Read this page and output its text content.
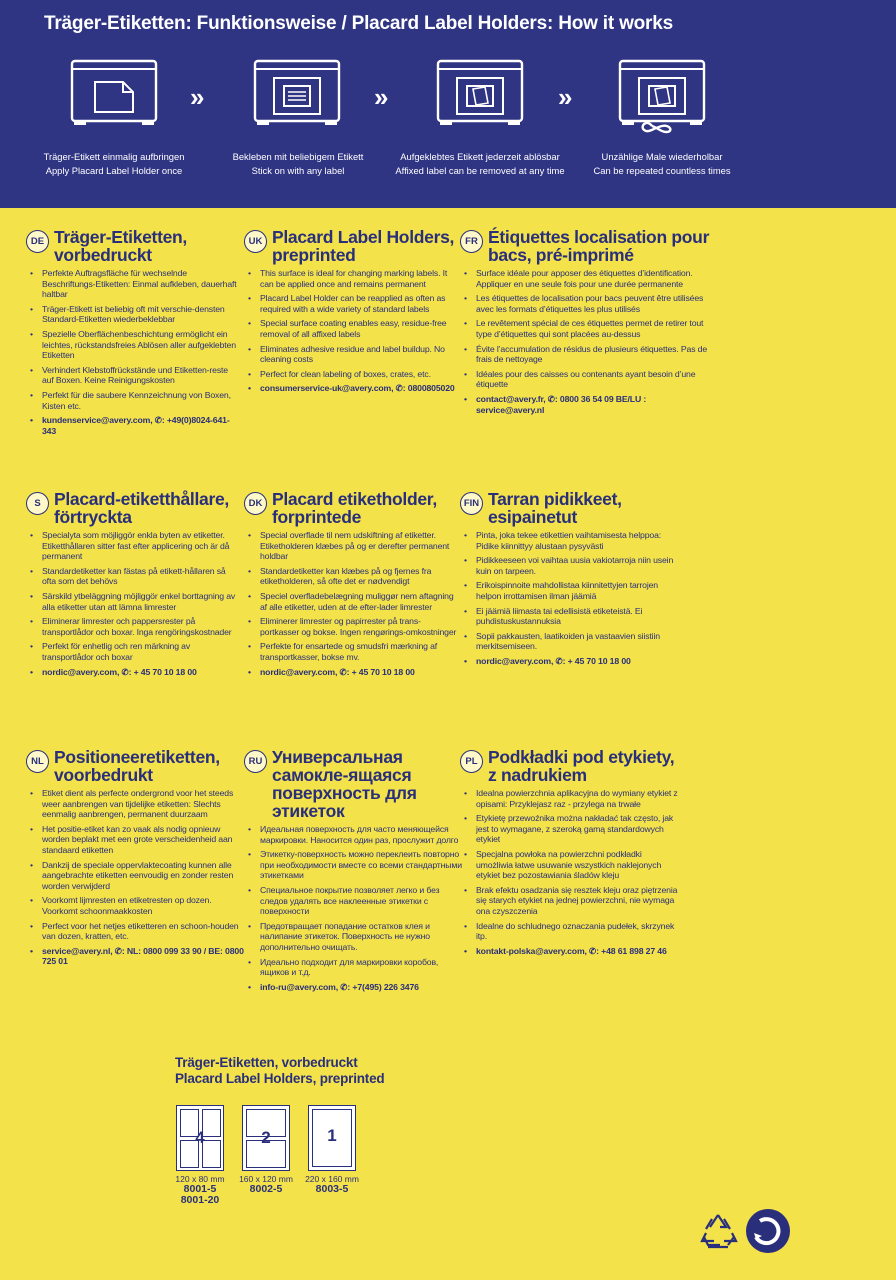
Träger-Etiketten: Funktionsweise / Placard Label Holders: How it works
»	»	»
Träger-Etikett einmalig aufbringen
Apply Placard Label Holder once
Bekleben mit beliebigem Etikett
Stick on with any label
Aufgeklebtes Etikett jederzeit ablösbar
Affixed label can be removed at any time
Unzählige Male wiederholbar
Can be repeated countless times
DE Träger-Etiketten, vorbedruckt
• Perfekte Auftragsfläche für wechselnde Beschriftungs-Etiketten: Einmal aufkleben, dauerhaft haltbar
• Träger-Etikett ist beliebig oft mit verschie-densten Standard-Etiketten wiederbeklebbar
• Spezielle Oberflächenbeschichtung ermöglicht ein leichtes, rückstandsfreies Ablösen aller aufgeklebten Etiketten
• Verhindert Klebstoffrückstände und Etiketten-reste auf Boxen. Keine Reinigungskosten
• Perfekt für die saubere Kennzeichnung von Boxen, Kisten etc.
• kundenservice@avery.com, ✆: +49(0)8024-641-343
UK Placard Label Holders, preprinted
• This surface is ideal for changing marking labels. It can be applied once and remains permanent
• Placard Label Holder can be reapplied as often as required with a wide variety of standard labels
• Special surface coating enables easy, residue-free removal of all affixed labels
• Eliminates adhesive residue and label buildup. No cleaning costs
• Perfect for clean labeling of boxes, crates, etc.
• consumerservice-uk@avery.com, ✆: 0800805020
FR Étiquettes localisation pour bacs, pré-imprimé
• Surface idéale pour apposer des étiquettes d’identification. Appliquer en une seule fois pour une durée permanente
• Les étiquettes de localisation pour bacs peuvent être utilisées avec les formats d’étiquettes les plus utilisés
• Le revêtement spécial de ces étiquettes permet de retirer tout type d’étiquettes qui sont placées au-dessus
• Évite l’accumulation de résidus de plusieurs étiquettes. Pas de frais de nettoyage
• Idéales pour des caisses ou contenants ayant besoin d’une étiquette
• contact@avery.fr, ✆: 0800 36 54 09 BE/LU : service@avery.nl
S Placard-etiketthållare, förtryckta
• Specialyta som möjliggör enkla byten av etiketter. Etiketthållaren sitter fast efter applicering och är då permanent
• Standardetiketter kan fästas på etikett-hållaren så ofta som det behövs
• Särskild ytbeläggning möjliggör enkel borttagning av alla etiketter utan att lämna limrester
• Eliminerar limrester och pappersrester på transportlådor och boxar. Inga rengöringskostnader
• Perfekt för enhetlig och ren märkning av transportlådor och boxar
• nordic@avery.com, ✆: + 45 70 10 18 00
DK Placard etiketholder, forprintede
• Special overflade til nem udskiftning af etiketter. Etiketholderen klæbes på og er derefter permanent holdbar
• Standardetiketter kan klæbes på og fjernes fra etiketholderen, så ofte det er nødvendigt
• Speciel overfladebelægning muliggør nem aftagning af alle etiketter, uden at de efter-lader limrester
• Eliminerer limrester og papirrester på trans-portkasser og bokse. Ingen rengørings-omkostninger
• Perfekte for ensartede og smudsfri mærkning af transportkasser, bokse mv.
• nordic@avery.com, ✆: + 45 70 10 18 00
FIN Tarran pidikkeet, esipainetut
• Pinta, joka tekee etikettien vaihtamisesta helppoa: Pidike kiinnittyy alustaan pysyvästi
• Pidikkeeseen voi vaihtaa uusia vakiotarroja niin usein kuin on tarpeen.
• Erikoispinnoite mahdollistaa kiinnitettyjen tarrojen helpon irrottamisen ilman jäämiä
• Ei jäämiä liimasta tai edellisistä etiketeistä. Ei puhdistuskustannuksia
• Sopii pakkausten, laatikoiden ja vastaavien siistiin merkitsemiseen.
• nordic@avery.com, ✆: + 45 70 10 18 00
NL Positioneeretiketten, voorbedrukt
• Etiket dient als perfecte ondergrond voor het steeds weer aanbrengen van tijdelijke etiketten: Slechts eenmalig aanbrengen, permanent duurzaam
• Het positie-etiket kan zo vaak als nodig opnieuw worden beplakt met een grote verscheidenheid aan standaard etiketten
• Dankzij de speciale oppervlaktecoating kunnen alle aangebrachte etiketten eenvoudig en zonder resten worden verwijderd
• Voorkomt lijmresten en etiketresten op dozen. Voorkomt schoonmaakkosten
• Perfect voor het netjes etiketteren en schoon-houden van dozen, kratten, etc.
• service@avery.nl, ✆: NL: 0800 099 33 90 / BE: 0800 725 01
RU Универсальная самокле-ящаяся поверхность для этикеток
• Идеальная поверхность для часто меняющейся маркировки. Наносится один раз, прослужит долго
• Этикетку-поверхность можно переклеить повторно при необходимости вместе со всеми стандартными этикетками
• Специальное покрытие позволяет легко и без следов удалять все наклеенные этикетки с поверхности
• Предотвращает попадание остатков клея и налипание этикеток. Поверхность не нужно дополнительно очищать.
• Идеально подходит для маркировки коробов, ящиков и т.д.
• info-ru@avery.com, ✆: +7(495) 226 3476
PL Podkładki pod etykiety, z nadrukiem
• Idealna powierzchnia aplikacyjna do wymiany etykiet z opisami: Przyklejasz raz - przylega na trwałe
• Etykietę przewoźnika można nakładać tak często, jak jest to wymagane, z szeroką gamą standardowych etykiet
• Specjalna powłoka na powierzchni podkładki umożliwia łatwe usuwanie wszystkich naklejonych etykiet bez pozostawiania śladów kleju
• Brak efektu osadzania się resztek kleju oraz piętrzenia się starych etykiet na jednej powierzchni, nie wymaga ona czyszczenia
• Idealne do schludnego oznaczania pudełek, skrzynek itp.
• kontakt-polska@avery.com, ✆: +48 61 898 27 46
Träger-Etiketten, vorbedruckt
Placard Label Holders, preprinted
4
120 x 80 mm
8001-5
8001-20
2
160 x 120 mm
8002-5
1
220 x 160 mm
8003-5
